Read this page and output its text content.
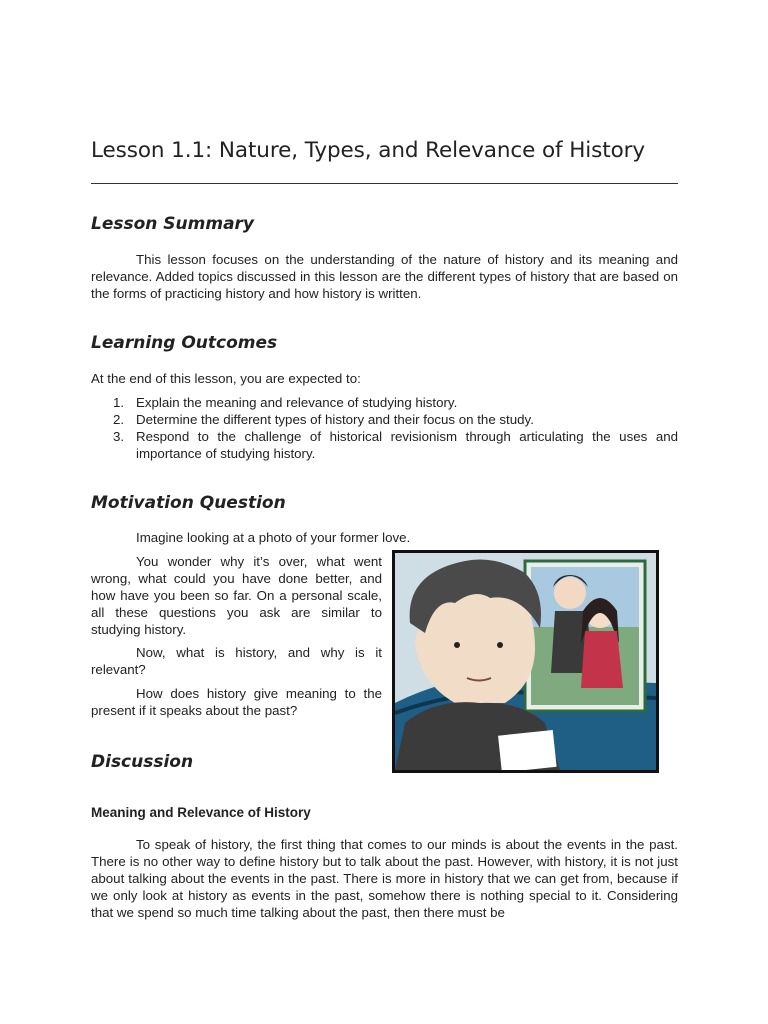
Lesson 1.1: Nature, Types, and Relevance of History
Lesson Summary

This lesson focuses on the understanding of the nature of history and its meaning and relevance. Added topics discussed in this lesson are the different types of history that are based on the forms of practicing history and how history is written.

Learning Outcomes

At the end of this lesson, you are expected to:

1. Explain the meaning and relevance of studying history.
2. Determine the different types of history and their focus on the study.
3. Respond to the challenge of historical revisionism through articulating the uses and importance of studying history.
Motivation Question

Imagine looking at a photo of your former love.

You wonder why it’s over, what went wrong, what could you have done better, and how have you been so far. On a personal scale, all these questions you ask are similar to studying history.

Now, what is history, and why is it relevant?

How does history give meaning to the present if it speaks about the past?

Discussion
Meaning and Relevance of History

To speak of history, the first thing that comes to our minds is about the events in the past. There is no other way to define history but to talk about the past. However, with history, it is not just about talking about the events in the past. There is more in history that we can get from, because if we only look at history as events in the past, somehow there is nothing special to it. Considering that we spend so much time talking about the past, then there must be
